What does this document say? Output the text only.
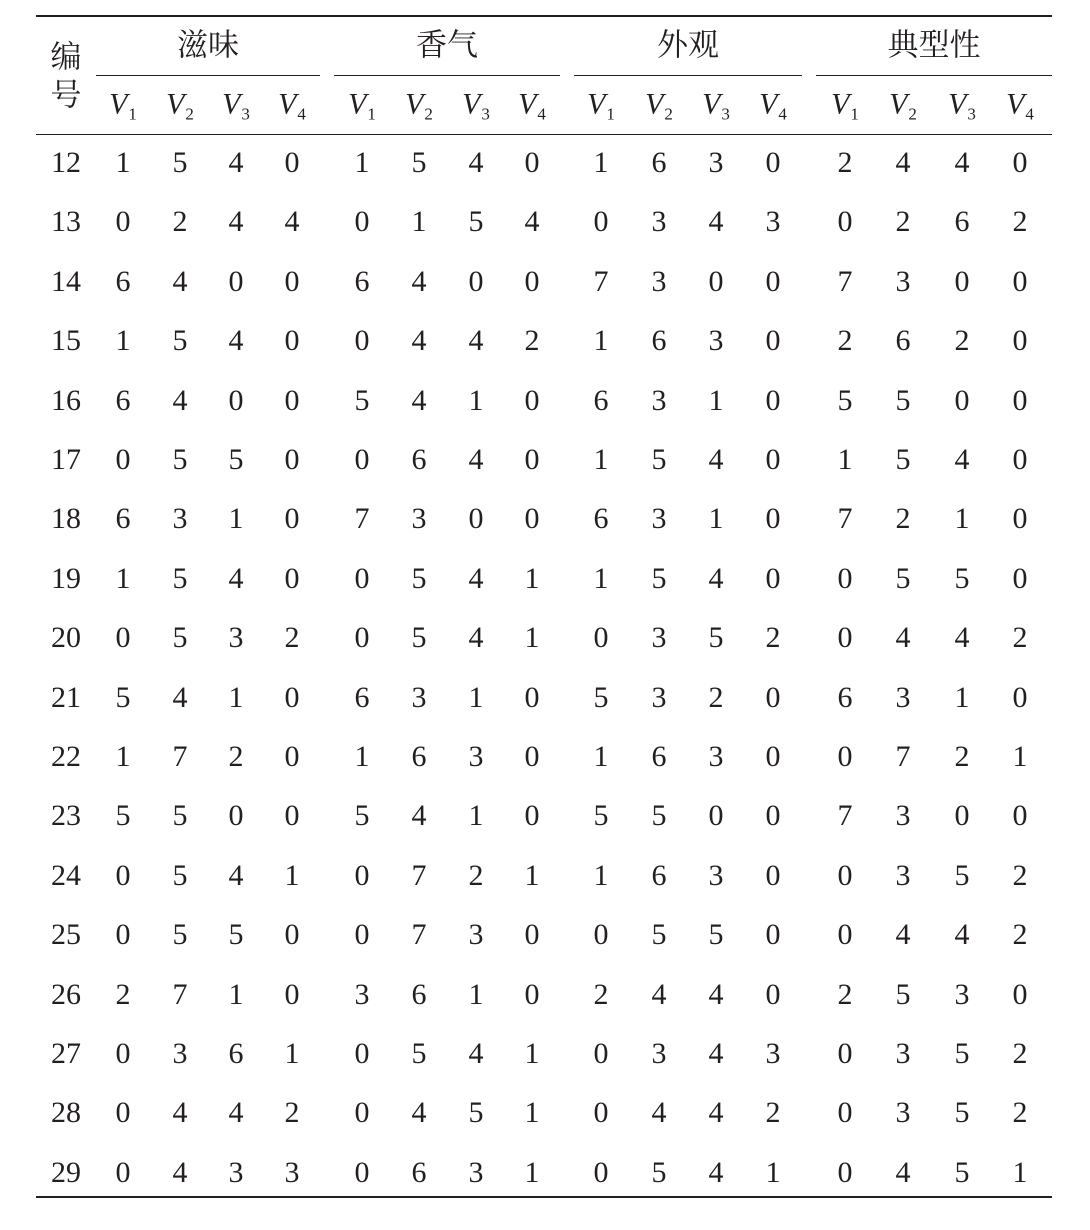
编
号
滋味	香气	外观	典型性
$V_1$ $V_2$ $V_3$ $V_4$ $V_1$ $V_2$ $V_3$ $V_4$ $V_1$ $V_2$ $V_3$ $V_4$ $V_1$ $V_2$ $V_3$ $V_4$
12 1 5 4 0 1 5 4 0 1 6 3 0 2 4 4 0
13 0 2 4 4 0 1 5 4 0 3 4 3 0 2 6 2
14 6 4 0 0 6 4 0 0 7 3 0 0 7 3 0 0
15 1 5 4 0 0 4 4 2 1 6 3 0 2 6 2 0
16 6 4 0 0 5 4 1 0 6 3 1 0 5 5 0 0
17 0 5 5 0 0 6 4 0 1 5 4 0 1 5 4 0
18 6 3 1 0 7 3 0 0 6 3 1 0 7 2 1 0
19 1 5 4 0 0 5 4 1 1 5 4 0 0 5 5 0
20 0 5 3 2 0 5 4 1 0 3 5 2 0 4 4 2
21 5 4 1 0 6 3 1 0 5 3 2 0 6 3 1 0
22 1 7 2 0 1 6 3 0 1 6 3 0 0 7 2 1
23 5 5 0 0 5 4 1 0 5 5 0 0 7 3 0 0
24 0 5 4 1 0 7 2 1 1 6 3 0 0 3 5 2
25 0 5 5 0 0 7 3 0 0 5 5 0 0 4 4 2
26 2 7 1 0 3 6 1 0 2 4 4 0 2 5 3 0
27 0 3 6 1 0 5 4 1 0 3 4 3 0 3 5 2
28 0 4 4 2 0 4 5 1 0 4 4 2 0 3 5 2
29 0 4 3 3 0 6 3 1 0 5 4 1 0 4 5 1
